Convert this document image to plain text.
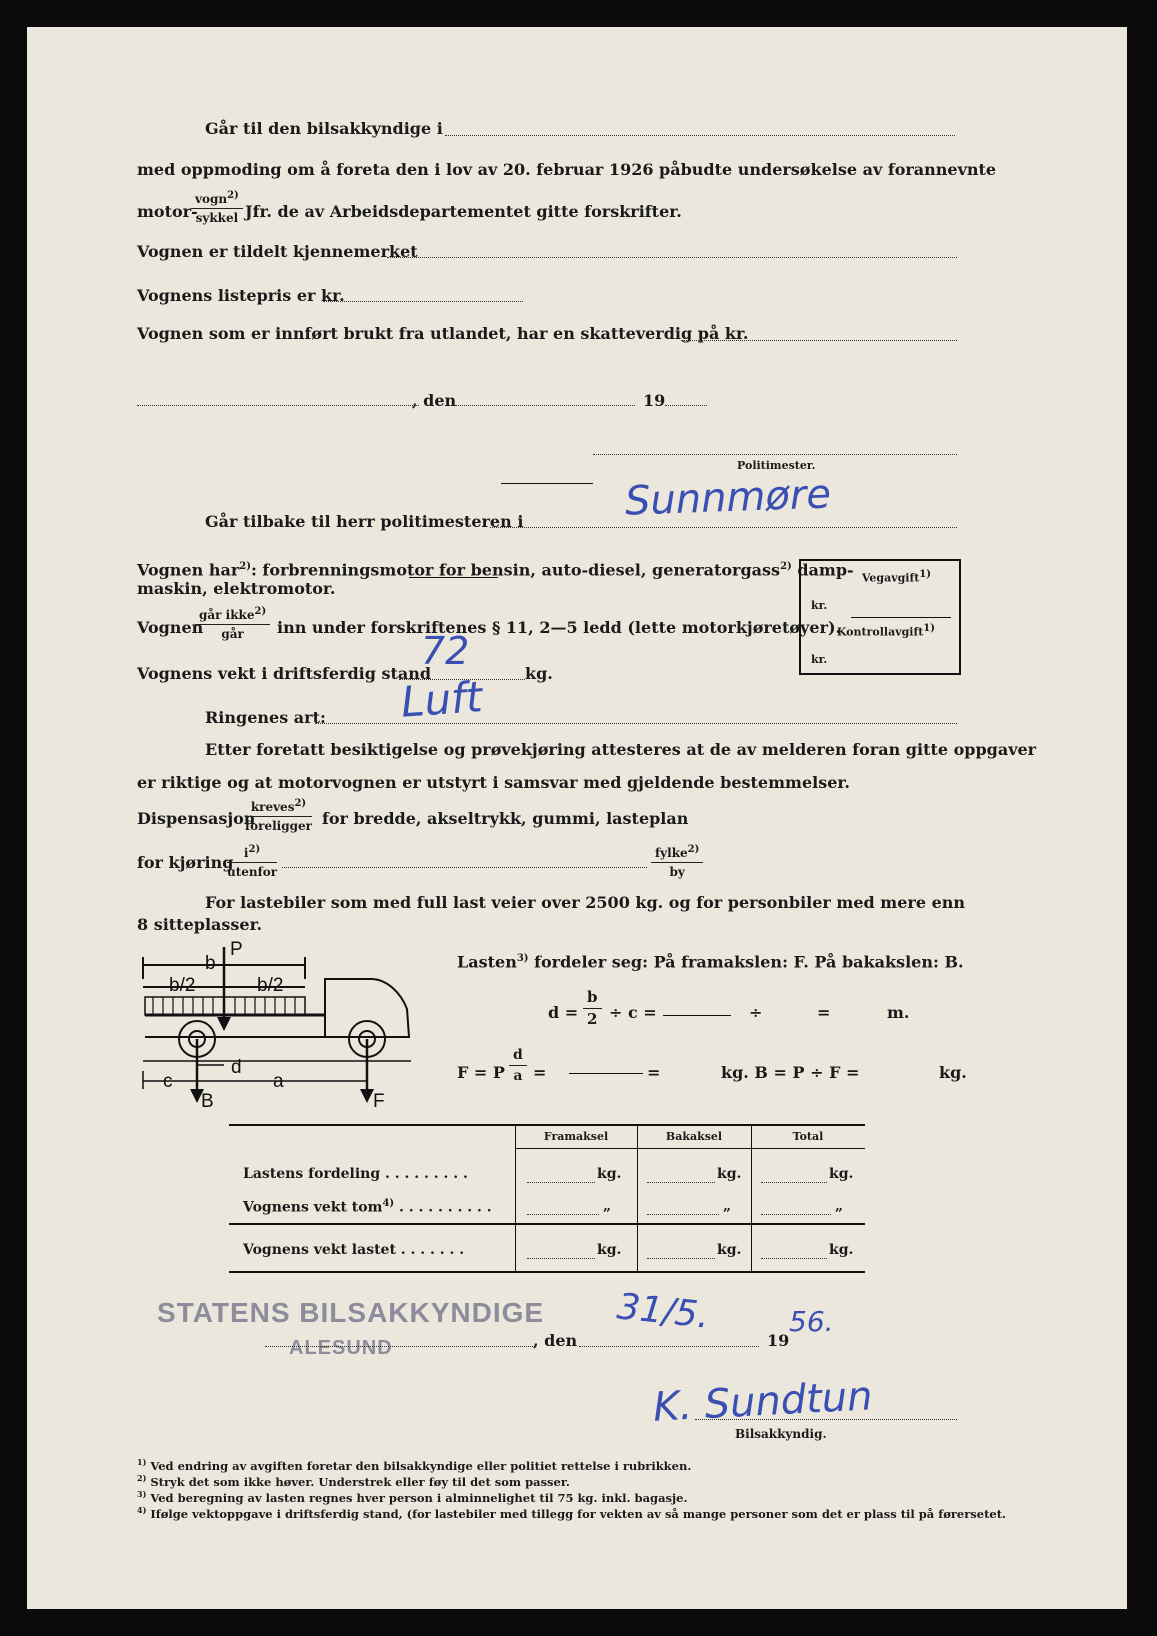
Går til den bilsakkyndige i
med oppmoding om å foreta den i lov av 20. februar 1926 påbudte undersøkelse av forannevnte
motor-
vogn$^{2)}$
sykkel Jfr. de av Arbeidsdepartementet gitte forskrifter.
Vognen er tildelt kjennemerket
Vognens listepris er kr.
Vognen som er innført brukt fra utlandet, har en skatteverdig på kr.
, den	19
Politimester.
Går tilbake til herr politimesteren i	Sunnmøre
Vognen har$^{2)}$: forbrenningsmotor for bensin, auto-diesel, generatorgass$^{2)}$ damp-
maskin, elektromotor.
Vegavgift$^{1)}$
kr.
Kontrollavgift$^{1)}$
kr.
Vognen
går ikke$^{2)}$
går	inn under forskriftenes § 11, 2—5 ledd (lette motorkjøretøyer).
Vognens vekt i driftsferdig stand	kg.
72
Ringenes art: Luft
Etter foretatt besiktigelse og prøvekjøring attesteres at de av melderen foran gitte oppgaver
er riktige og at motorvognen er utstyrt i samsvar med gjeldende bestemmelser.
Dispensasjon
kreves$^{2)}$
foreligger for bredde, akseltrykk, gummi, lasteplan
for kjøring $i^{2)}$
utenfor
fylke$^{2)}$
by
For lastebiler som med full last veier over 2500 kg. og for personbiler med mere enn
8 sitteplasser.
Lasten$^{3)}$ fordeler seg: På framakslen: F. På bakakslen: B.
P
b
b/2	b/2
c
d
a
B	F
$d = \frac{b}{2} \div c$ =	÷	=	m.
F = P $\frac{d}{a}$ =	=	kg. B = P ÷ F =	kg.
Framaksel	Bakaksel	Total
Lastens fordeling . . . . . . . . .	kg.	kg.	kg.
Vognens vekt tom$^{4)}$ . . . . . . . . . .	„	„	„
Vognens vekt lastet . . . . . . .	kg.	kg.	kg.
STATENS BILSAKKYNDIGE
ALESUND	, den	19
31/5.	56.
K. Sundtun
Bilsakkyndig.
$^{1)}$ Ved endring av avgiften foretar den bilsakkyndige eller politiet rettelse i rubrikken.
$^{2)}$ Stryk det som ikke høver. Understrek eller føy til det som passer.
$^{3)}$ Ved beregning av lasten regnes hver person i alminnelighet til 75 kg. inkl. bagasje.
$^{4)}$ Ifølge vektoppgave i driftsferdig stand, (for lastebiler med tillegg for vekten av så mange personer som det er plass til på førersetet.
